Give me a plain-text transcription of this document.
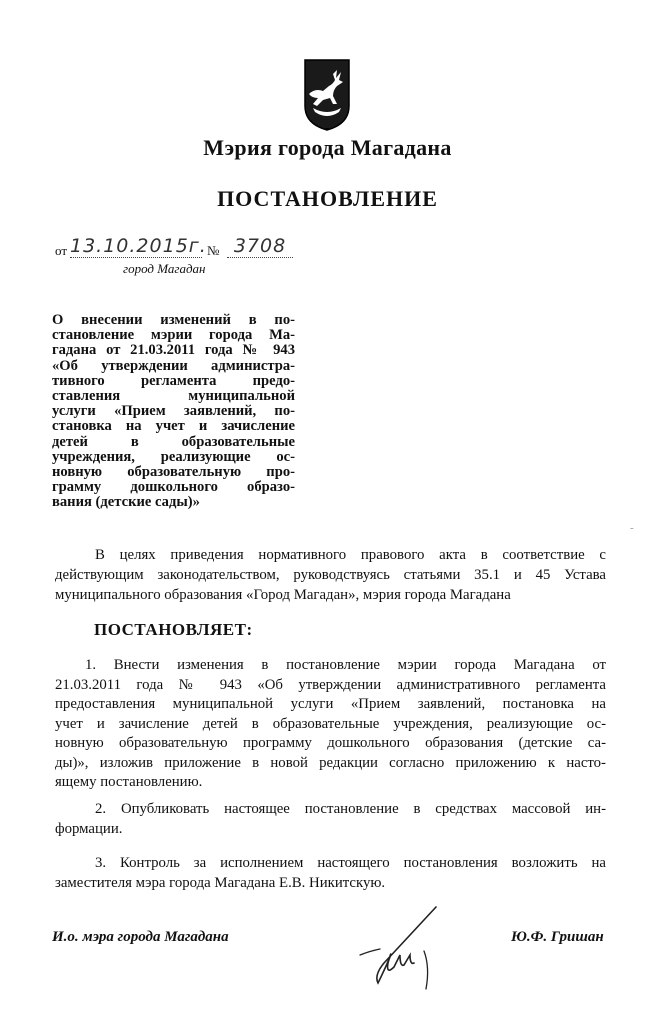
Мэрия города Магадана
ПОСТАНОВЛЕНИЕ
от 13.10.2015г. № 3708
город Магадан
О внесении изменений в по-
становление мэрии города Ма-
гадана от 21.03.2011 года № 943
«Об утверждении администра-
тивного регламента предо-
ставления муниципальной
услуги «Прием заявлений, по-
становка на учет и зачисление
детей в образовательные
учреждения, реализующие ос-
новную образовательную про-
грамму дошкольного образо-
вания (детские сады)»
-
В целях приведения нормативного правового акта в соответствие с
действующим законодательством, руководствуясь статьями 35.1 и 45 Устава
муниципального образования «Город Магадан», мэрия города Магадана
ПОСТАНОВЛЯЕТ:
1. Внести изменения в постановление мэрии города Магадана от
21.03.2011 года № 943 «Об утверждении административного регламента
предоставления муниципальной услуги «Прием заявлений, постановка на
учет и зачисление детей в образовательные учреждения, реализующие ос-
новную образовательную программу дошкольного образования (детские са-
ды)», изложив приложение в новой редакции согласно приложению к насто-
ящему постановлению.
2. Опубликовать настоящее постановление в средствах массовой ин-
формации.
3. Контроль за исполнением настоящего постановления возложить на
заместителя мэра города Магадана Е.В. Никитскую.
И.о. мэра города Магадана	Ю.Ф. Гришан
